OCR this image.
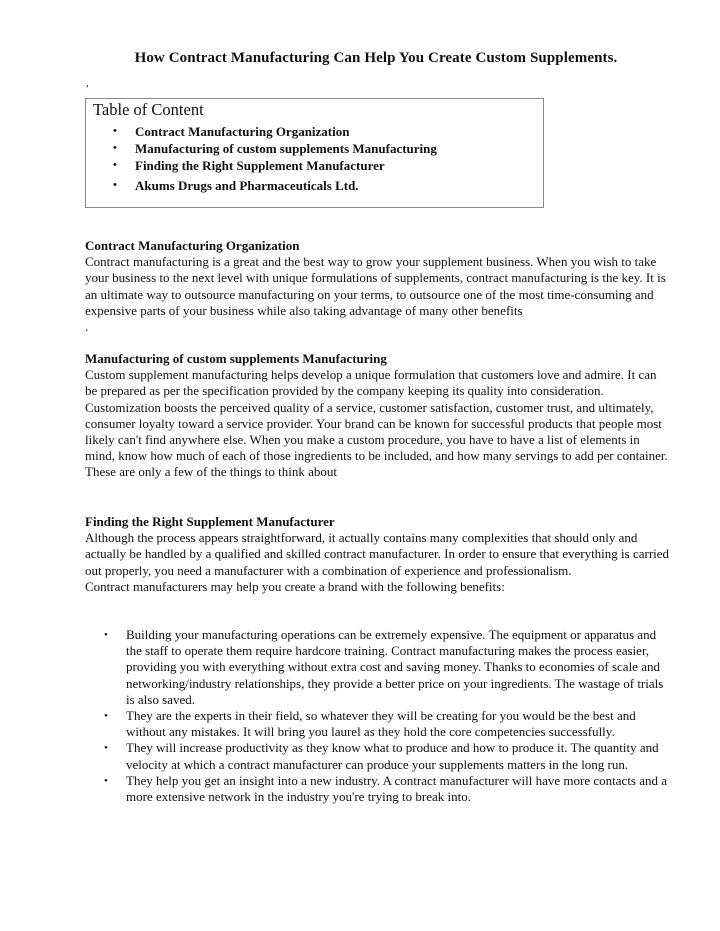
How Contract Manufacturing Can Help You Create Custom Supplements.
,
Table of Content
• Contract Manufacturing Organization
• Manufacturing of custom supplements Manufacturing
• Finding the Right Supplement Manufacturer
• Akums Drugs and Pharmaceuticals Ltd.
Contract Manufacturing Organization

Contract manufacturing is a great and the best way to grow your supplement business. When you wish to take your business to the next level with unique formulations of supplements, contract manufacturing is the key. It is an ultimate way to outsource manufacturing on your terms, to outsource one of the most time-consuming and expensive parts of your business while also taking advantage of many other benefits

.

Manufacturing of custom supplements Manufacturing

Custom supplement manufacturing helps develop a unique formulation that customers love and admire. It can be prepared as per the specification provided by the company keeping its quality into consideration. Customization boosts the perceived quality of a service, customer satisfaction, customer trust, and ultimately, consumer loyalty toward a service provider. Your brand can be known for successful products that people most likely can't find anywhere else. When you make a custom procedure, you have to have a list of elements in mind, know how much of each of those ingredients to be included, and how many servings to add per container. These are only a few of the things to think about

Finding the Right Supplement Manufacturer

Although the process appears straightforward, it actually contains many complexities that should only and actually be handled by a qualified and skilled contract manufacturer. In order to ensure that everything is carried out properly, you need a manufacturer with a combination of experience and professionalism.

Contract manufacturers may help you create a brand with the following benefits:

• Building your manufacturing operations can be extremely expensive. The equipment or apparatus and the staff to operate them require hardcore training. Contract manufacturing makes the process easier, providing you with everything without extra cost and saving money. Thanks to economies of scale and networking/industry relationships, they provide a better price on your ingredients. The wastage of trials is also saved.
• They are the experts in their field, so whatever they will be creating for you would be the best and without any mistakes. It will bring you laurel as they hold the core competencies successfully.
• They will increase productivity as they know what to produce and how to produce it. The quantity and velocity at which a contract manufacturer can produce your supplements matters in the long run.
• They help you get an insight into a new industry. A contract manufacturer will have more contacts and a more extensive network in the industry you're trying to break into.
